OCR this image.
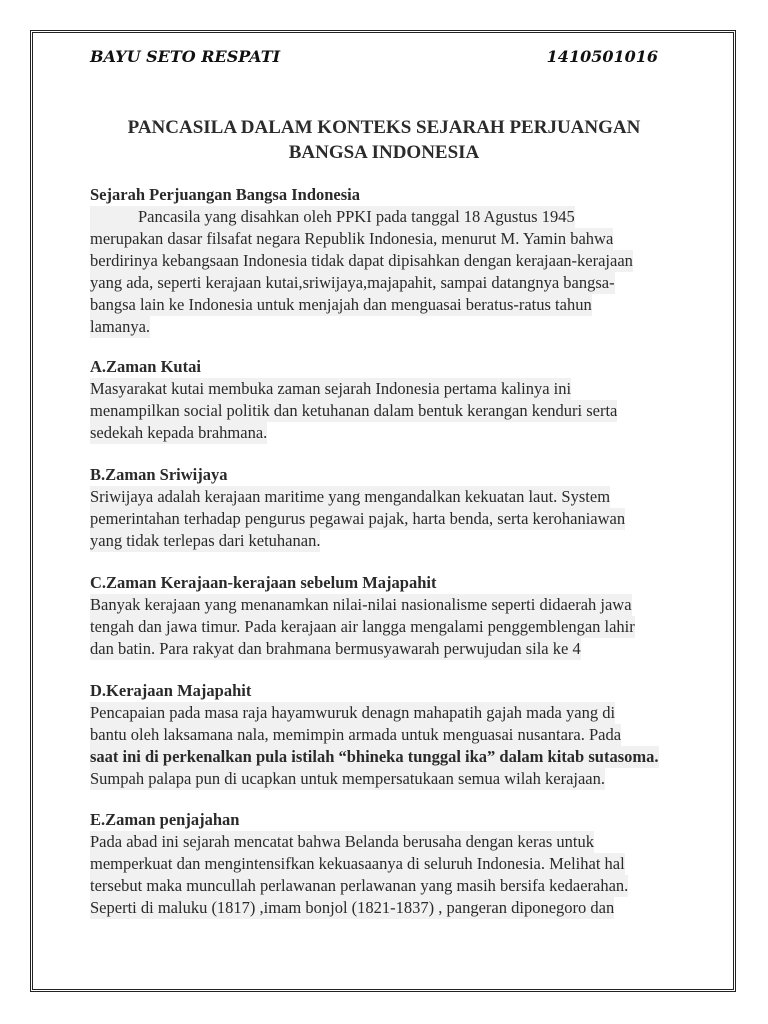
BAYU SETO RESPATI	1410501016
PANCASILA DALAM KONTEKS SEJARAH PERJUANGAN
BANGSA INDONESIA
Sejarah Perjuangan Bangsa Indonesia
Pancasila yang disahkan oleh PPKI pada tanggal 18 Agustus 1945
merupakan dasar filsafat negara Republik Indonesia, menurut M. Yamin bahwa
berdirinya kebangsaan Indonesia tidak dapat dipisahkan dengan kerajaan-kerajaan
yang ada, seperti kerajaan kutai,sriwijaya,majapahit, sampai datangnya bangsa-
bangsa lain ke Indonesia untuk menjajah dan menguasai beratus-ratus tahun
lamanya.
A.Zaman Kutai
Masyarakat kutai membuka zaman sejarah Indonesia pertama kalinya ini
menampilkan social politik dan ketuhanan dalam bentuk kerangan kenduri serta
sedekah kepada brahmana.
B.Zaman Sriwijaya
Sriwijaya adalah kerajaan maritime yang mengandalkan kekuatan laut. System
pemerintahan terhadap pengurus pegawai pajak, harta benda, serta kerohaniawan
yang tidak terlepas dari ketuhanan.
C.Zaman Kerajaan-kerajaan sebelum Majapahit
Banyak kerajaan yang menanamkan nilai-nilai nasionalisme seperti didaerah jawa
tengah dan jawa timur. Pada kerajaan air langga mengalami penggemblengan lahir
dan batin. Para rakyat dan brahmana bermusyawarah perwujudan sila ke 4
D.Kerajaan Majapahit
Pencapaian pada masa raja hayamwuruk denagn mahapatih gajah mada yang di
bantu oleh laksamana nala, memimpin armada untuk menguasai nusantara. Pada
saat ini di perkenalkan pula istilah “bhineka tunggal ika” dalam kitab sutasoma.
Sumpah palapa pun di ucapkan untuk mempersatukaan semua wilah kerajaan.
E.Zaman penjajahan
Pada abad ini sejarah mencatat bahwa Belanda berusaha dengan keras untuk
memperkuat dan mengintensifkan kekuasaanya di seluruh Indonesia. Melihat hal
tersebut maka muncullah perlawanan perlawanan yang masih bersifa kedaerahan.
Seperti di maluku (1817) ,imam bonjol (1821-1837) , pangeran diponegoro dan
